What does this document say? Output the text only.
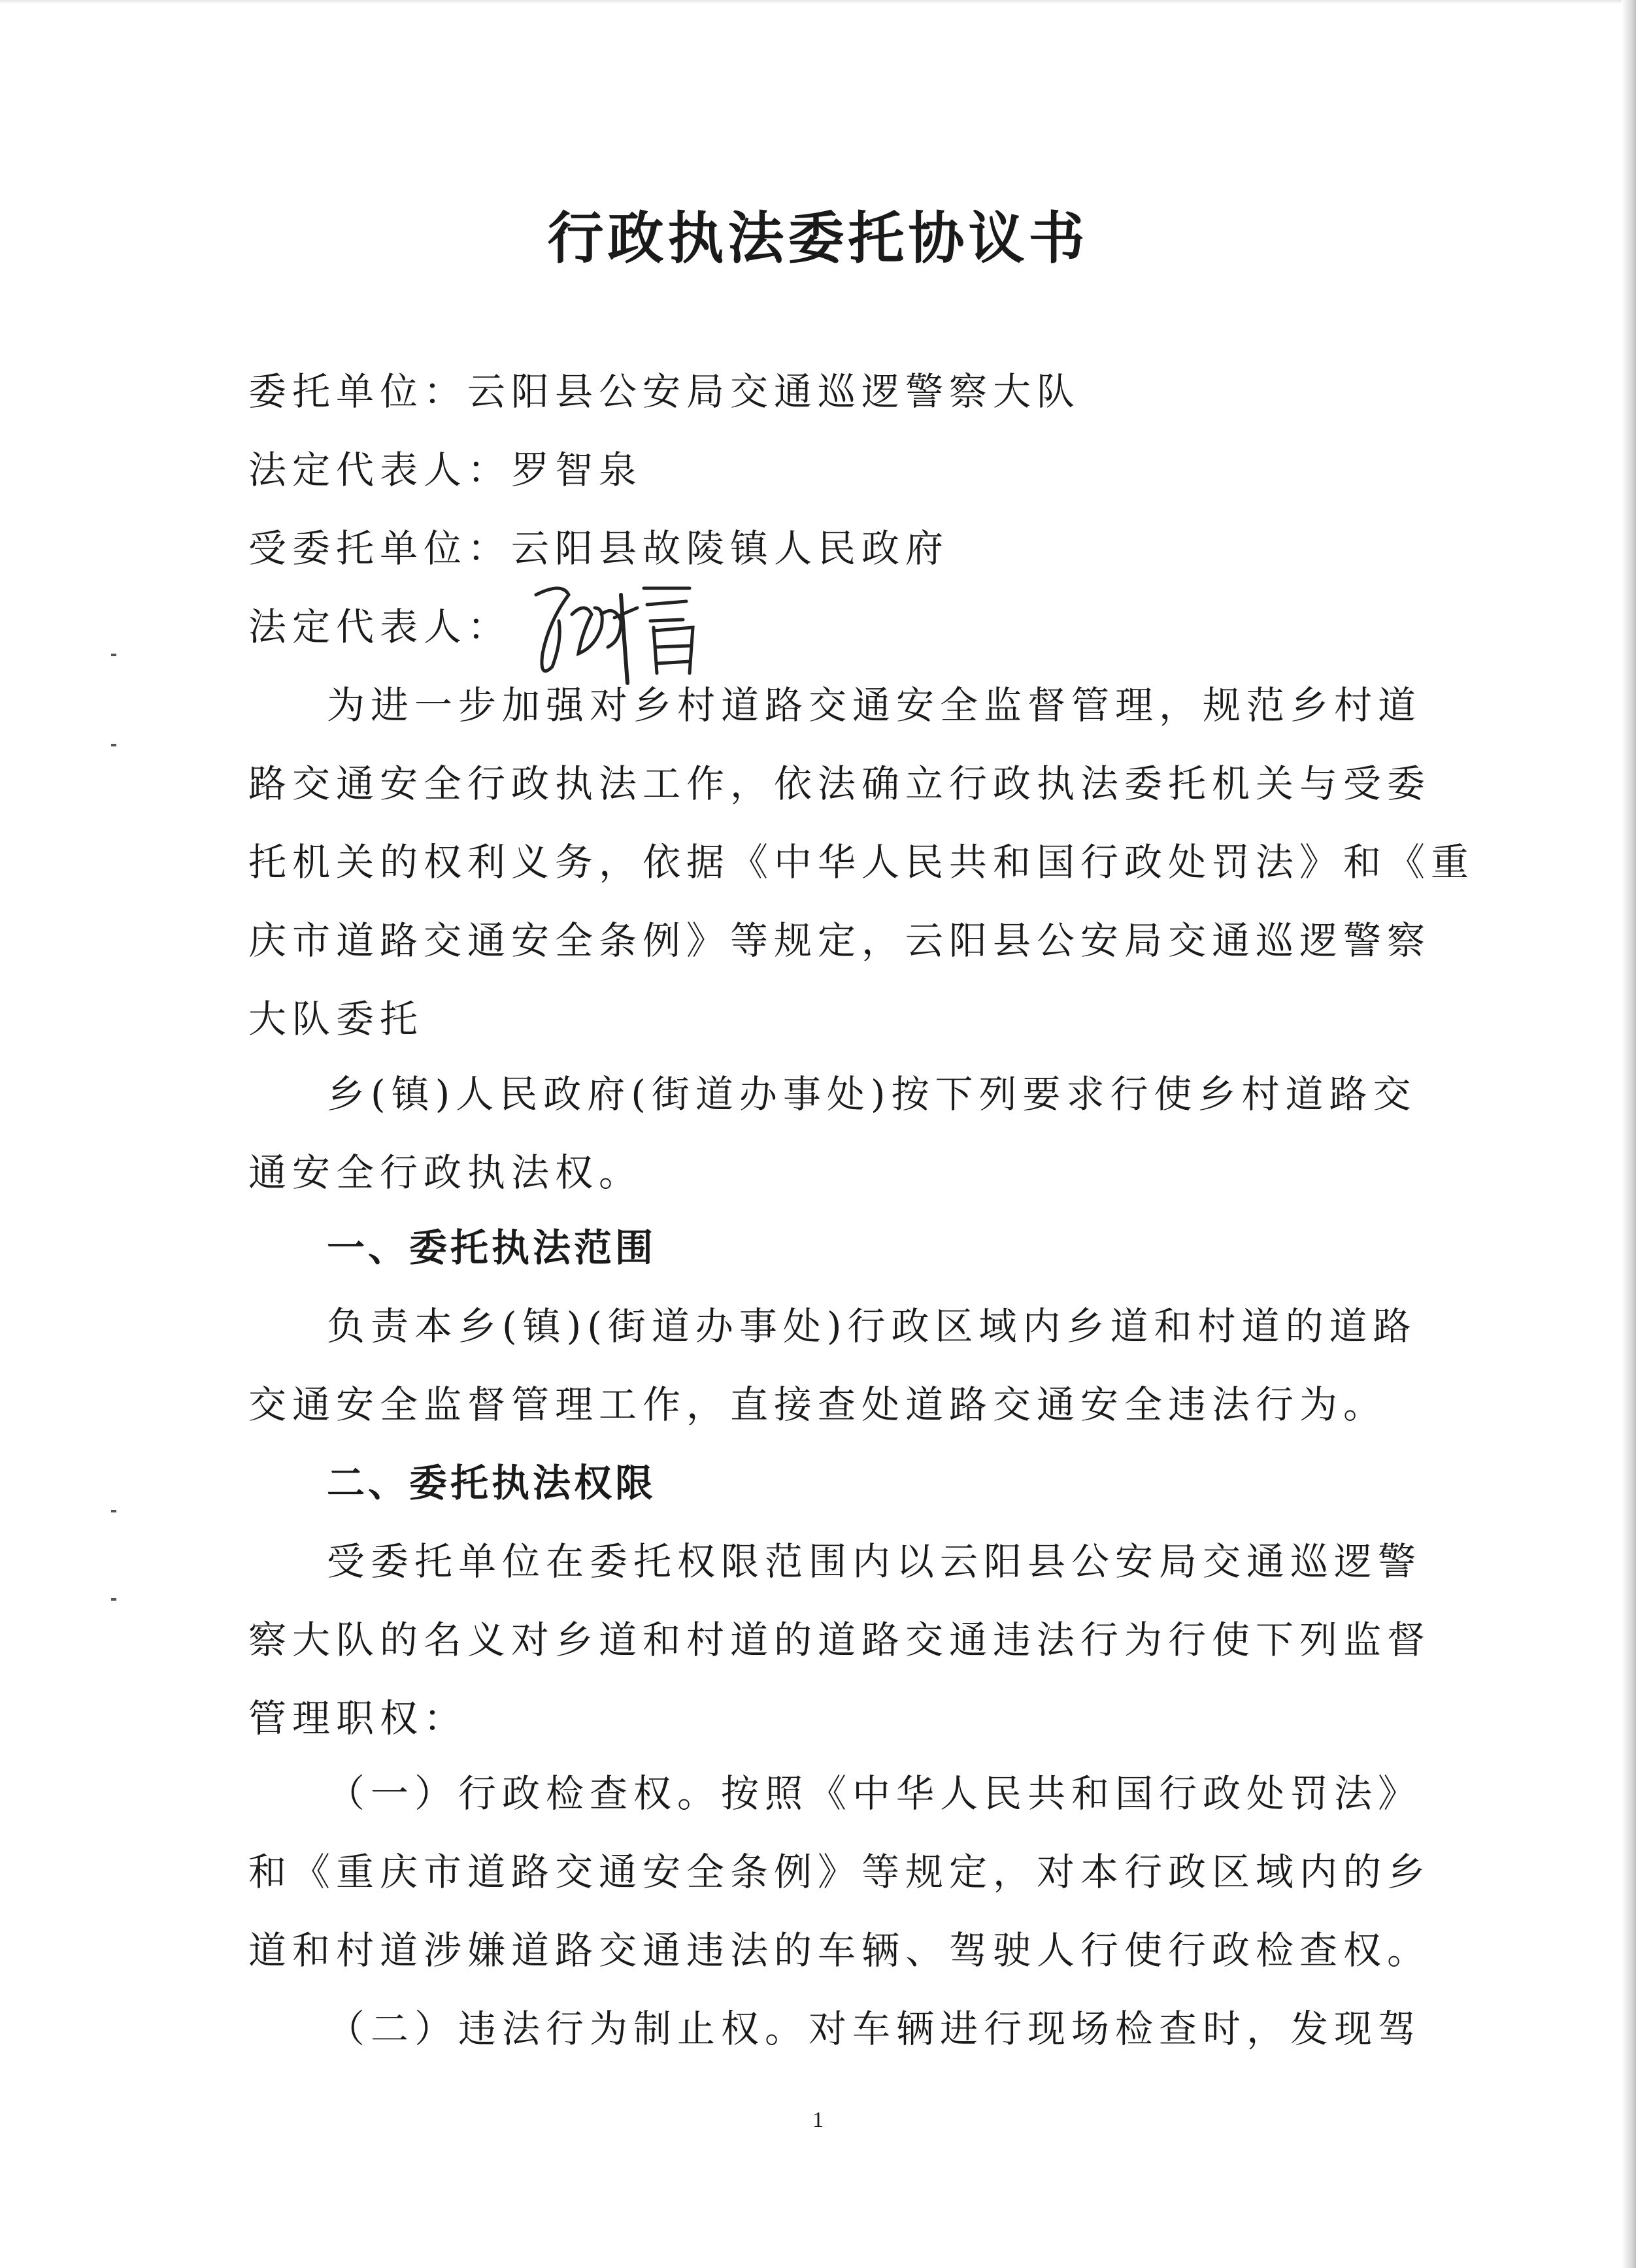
行政执法委托协议书
委托单位：云阳县公安局交通巡逻警察大队
法定代表人：罗智泉
受委托单位：云阳县故陵镇人民政府
法定代表人：
为进一步加强对乡村道路交通安全监督管理，规范乡村道
路交通安全行政执法工作，依法确立行政执法委托机关与受委
托机关的权利义务，依据《中华人民共和国行政处罚法》和《重
庆市道路交通安全条例》等规定，云阳县公安局交通巡逻警察
大队委托
乡(镇)人民政府(街道办事处)按下列要求行使乡村道路交
通安全行政执法权。
一、委托执法范围
负责本乡(镇)(街道办事处)行政区域内乡道和村道的道路
交通安全监督管理工作，直接查处道路交通安全违法行为。
二、委托执法权限
受委托单位在委托权限范围内以云阳县公安局交通巡逻警
察大队的名义对乡道和村道的道路交通违法行为行使下列监督
管理职权：
（一）行政检查权。按照《中华人民共和国行政处罚法》
和《重庆市道路交通安全条例》等规定，对本行政区域内的乡
道和村道涉嫌道路交通违法的车辆、驾驶人行使行政检查权。
（二）违法行为制止权。对车辆进行现场检查时，发现驾
1
